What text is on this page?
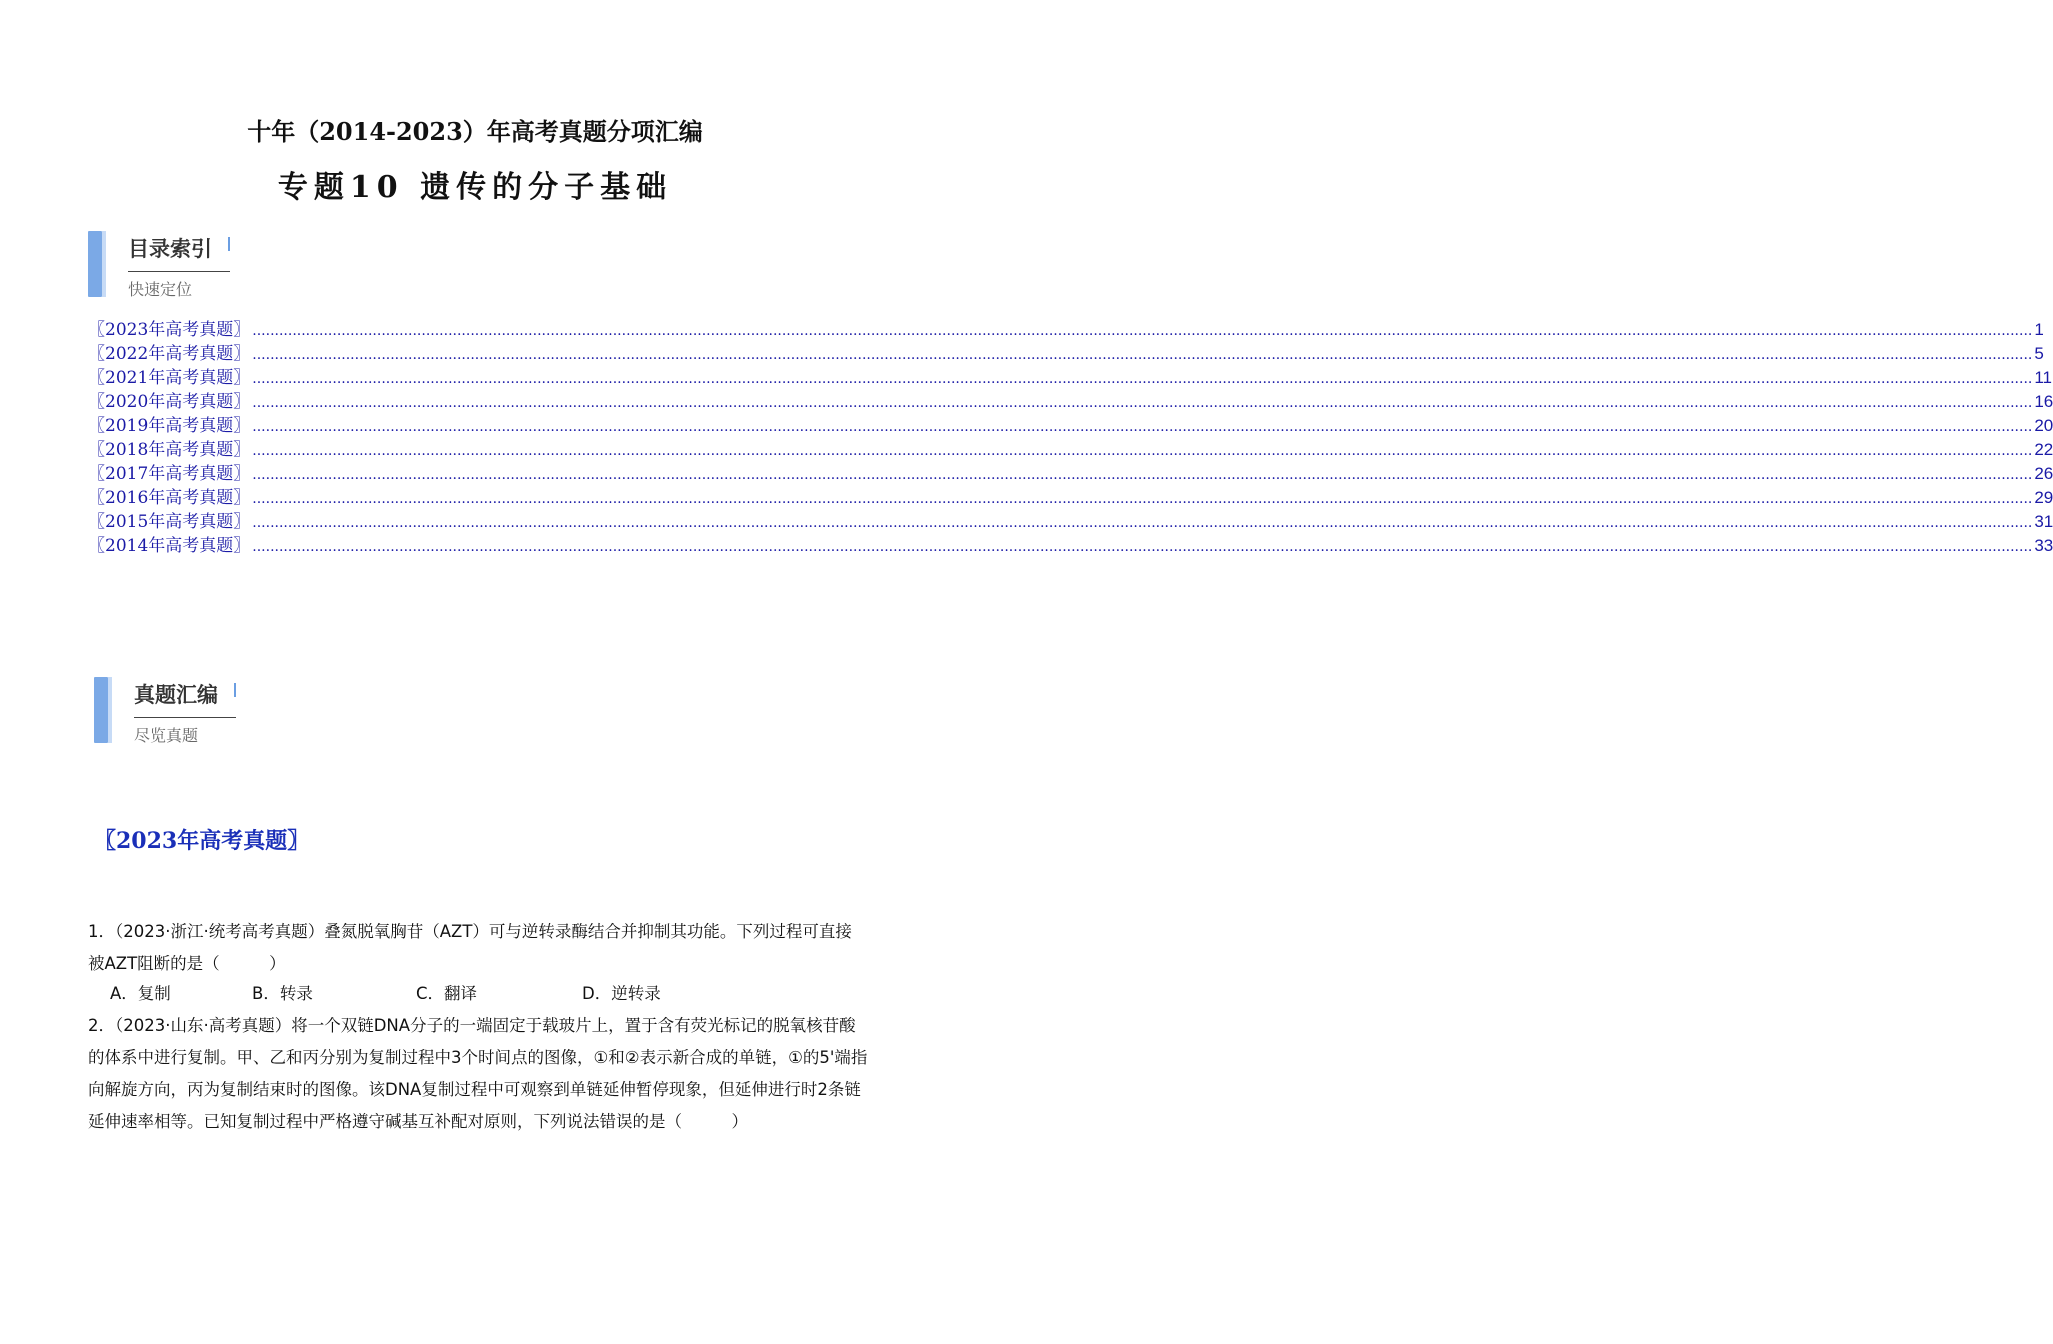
十年（2014-2023）年高考真题分项汇编
专题10 遗传的分子基础
目录索引
快速定位
〖2023年高考真题〗 ................................................................................................................................................................................................................................................................................................................................................................................................................ 1
〖2022年高考真题〗 ................................................................................................................................................................................................................................................................................................................................................................................................................ 5
〖2021年高考真题〗 ................................................................................................................................................................................................................................................................................................................................................................................................................ 11
〖2020年高考真题〗 ................................................................................................................................................................................................................................................................................................................................................................................................................ 16
〖2019年高考真题〗 ................................................................................................................................................................................................................................................................................................................................................................................................................ 20
〖2018年高考真题〗 ................................................................................................................................................................................................................................................................................................................................................................................................................ 22
〖2017年高考真题〗 ................................................................................................................................................................................................................................................................................................................................................................................................................ 26
〖2016年高考真题〗 ................................................................................................................................................................................................................................................................................................................................................................................................................ 29
〖2015年高考真题〗 ................................................................................................................................................................................................................................................................................................................................................................................................................ 31
〖2014年高考真题〗 ................................................................................................................................................................................................................................................................................................................................................................................................................ 33
真题汇编
尽览真题
〖2023年高考真题〗
1．（2023·浙江·统考高考真题）叠氮脱氧胸苷（AZT）可与逆转录酶结合并抑制其功能。下列过程可直接被AZT阻断的是（　　　）
A．复制	B．转录	C．翻译	D．逆转录
2．（2023·山东·高考真题）将一个双链DNA分子的一端固定于载玻片上，置于含有荧光标记的脱氧核苷酸的体系中进行复制。甲、乙和丙分别为复制过程中3个时间点的图像，①和②表示新合成的单链，①的5'端指向解旋方向，丙为复制结束时的图像。该DNA复制过程中可观察到单链延伸暂停现象，但延伸进行时2条链延伸速率相等。已知复制过程中严格遵守碱基互补配对原则，下列说法错误的是（　　　）
